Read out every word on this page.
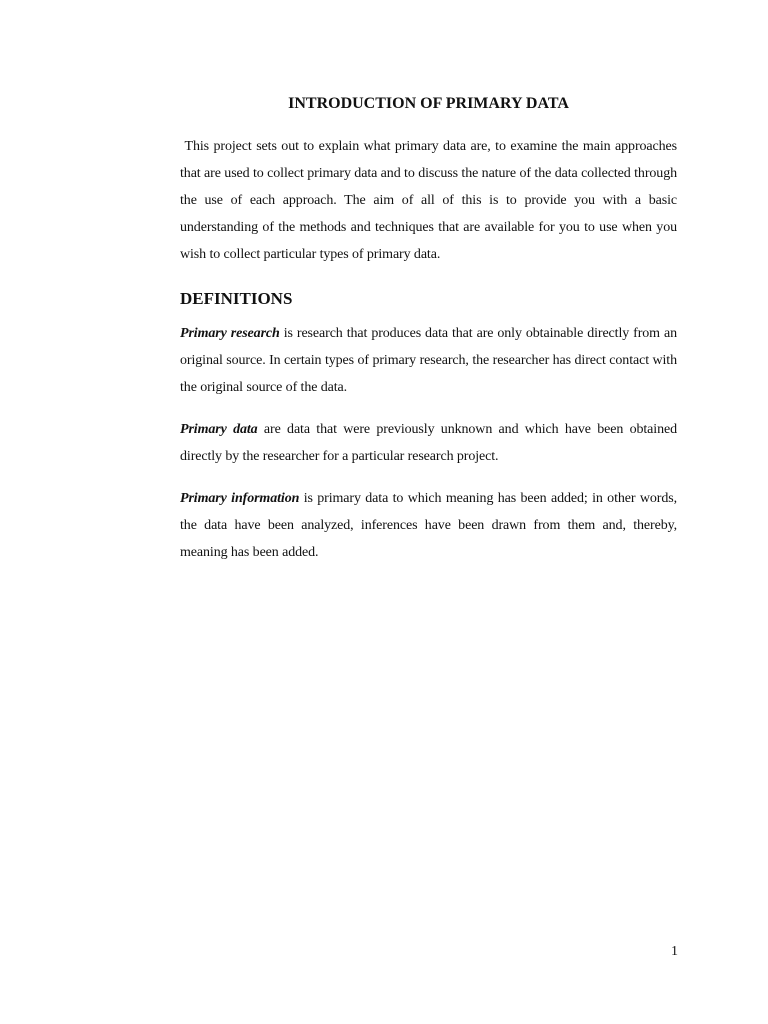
INTRODUCTION OF PRIMARY DATA

This project sets out to explain what primary data are, to examine the main approaches that are used to collect primary data and to discuss the nature of the data collected through the use of each approach. The aim of all of this is to provide you with a basic understanding of the methods and techniques that are available for you to use when you wish to collect particular types of primary data.

DEFINITIONS

Primary research is research that produces data that are only obtainable directly from an original source. In certain types of primary research, the researcher has direct contact with the original source of the data.

Primary data are data that were previously unknown and which have been obtained directly by the researcher for a particular research project.

Primary information is primary data to which meaning has been added; in other words, the data have been analyzed, inferences have been drawn from them and, thereby, meaning has been added.

1
